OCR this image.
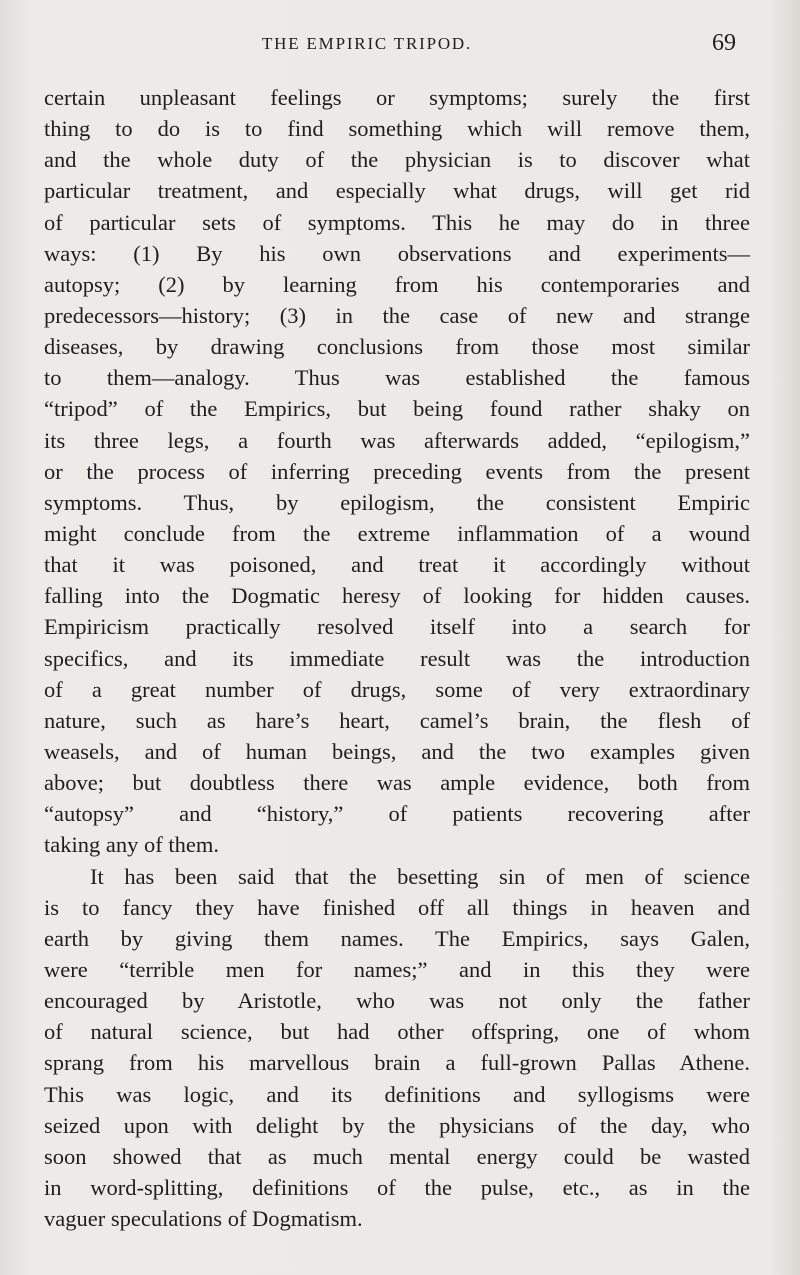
THE EMPIRIC TRIPOD.	69
certain unpleasant feelings or symptoms; surely the first
thing to do is to find something which will remove them,
and the whole duty of the physician is to discover what
particular treatment, and especially what drugs, will get rid
of particular sets of symptoms. This he may do in three
ways: (1) By his own observations and experiments—
autopsy; (2) by learning from his contemporaries and
predecessors—history; (3) in the case of new and strange
diseases, by drawing conclusions from those most similar
to them—analogy. Thus was established the famous
“tripod” of the Empirics, but being found rather shaky on
its three legs, a fourth was afterwards added, “epilogism,”
or the process of inferring preceding events from the present
symptoms. Thus, by epilogism, the consistent Empiric
might conclude from the extreme inflammation of a wound
that it was poisoned, and treat it accordingly without
falling into the Dogmatic heresy of looking for hidden causes.
Empiricism practically resolved itself into a search for
specifics, and its immediate result was the introduction
of a great number of drugs, some of very extraordinary
nature, such as hare’s heart, camel’s brain, the flesh of
weasels, and of human beings, and the two examples given
above; but doubtless there was ample evidence, both from
“autopsy” and “history,” of patients recovering after
taking any of them.
It has been said that the besetting sin of men of science
is to fancy they have finished off all things in heaven and
earth by giving them names. The Empirics, says Galen,
were “terrible men for names;” and in this they were
encouraged by Aristotle, who was not only the father
of natural science, but had other offspring, one of whom
sprang from his marvellous brain a full-grown Pallas Athene.
This was logic, and its definitions and syllogisms were
seized upon with delight by the physicians of the day, who
soon showed that as much mental energy could be wasted
in word-splitting, definitions of the pulse, etc., as in the
vaguer speculations of Dogmatism.
